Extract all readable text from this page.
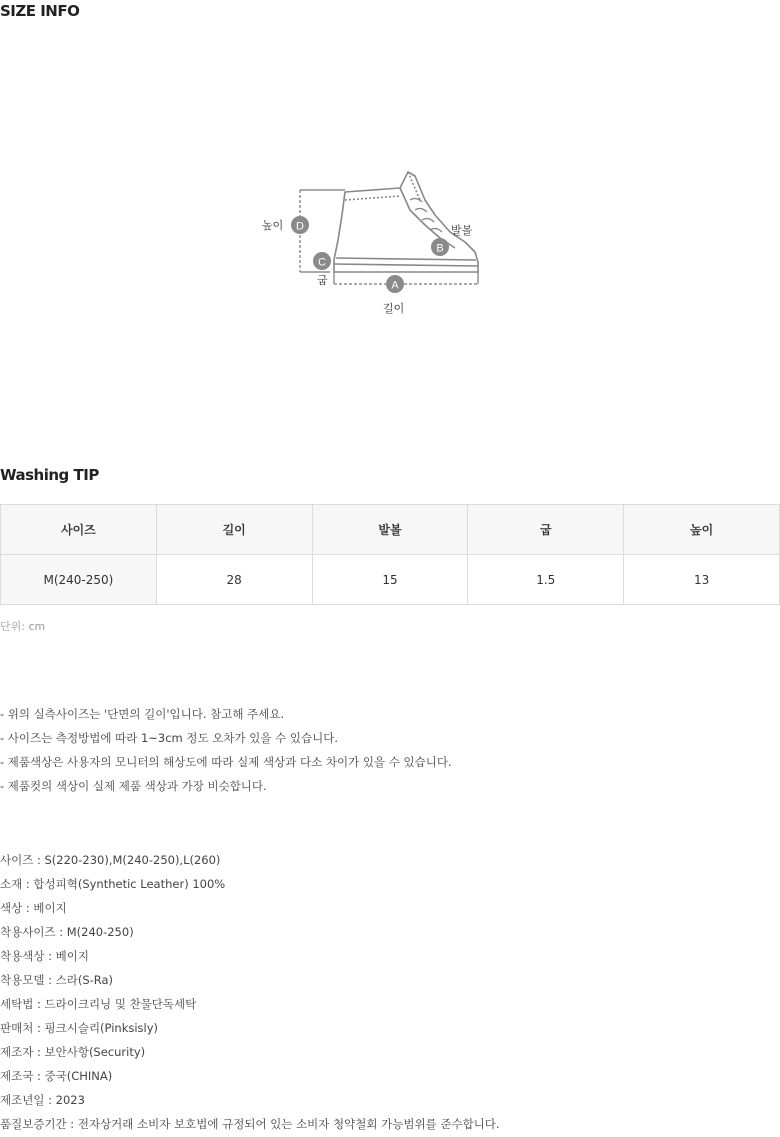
SIZE INFO
D
높이
B
발볼
C
굽	A
길이
Washing TIP
사이즈	길이	발볼	굽	높이
M(240-250)	28	15	1.5	13
단위: cm

- 위의 실측사이즈는 '단면의 길이'입니다. 참고해 주세요.

- 사이즈는 측정방법에 따라 1~3cm 정도 오차가 있을 수 있습니다.

- 제품색상은 사용자의 모니터의 해상도에 따라 실제 색상과 다소 차이가 있을 수 있습니다.

- 제품컷의 색상이 실제 제품 색상과 가장 비슷합니다.

사이즈 : S(220-230),M(240-250),L(260)

소재 : 합성피혁(Synthetic Leather) 100%

색상 : 베이지

착용사이즈 : M(240-250)

착용색상 : 베이지

착용모델 : 스라(S-Ra)

세탁법 : 드라이크리닝 및 찬물단독세탁

판매처 : 핑크시슬리(Pinksisly)

제조자 : 보안사항(Security)

제조국 : 중국(CHINA)

제조년일 : 2023

품질보증기간 : 전자상거래 소비자 보호법에 규정되어 있는 소비자 청약철회 가능범위를 준수합니다.
